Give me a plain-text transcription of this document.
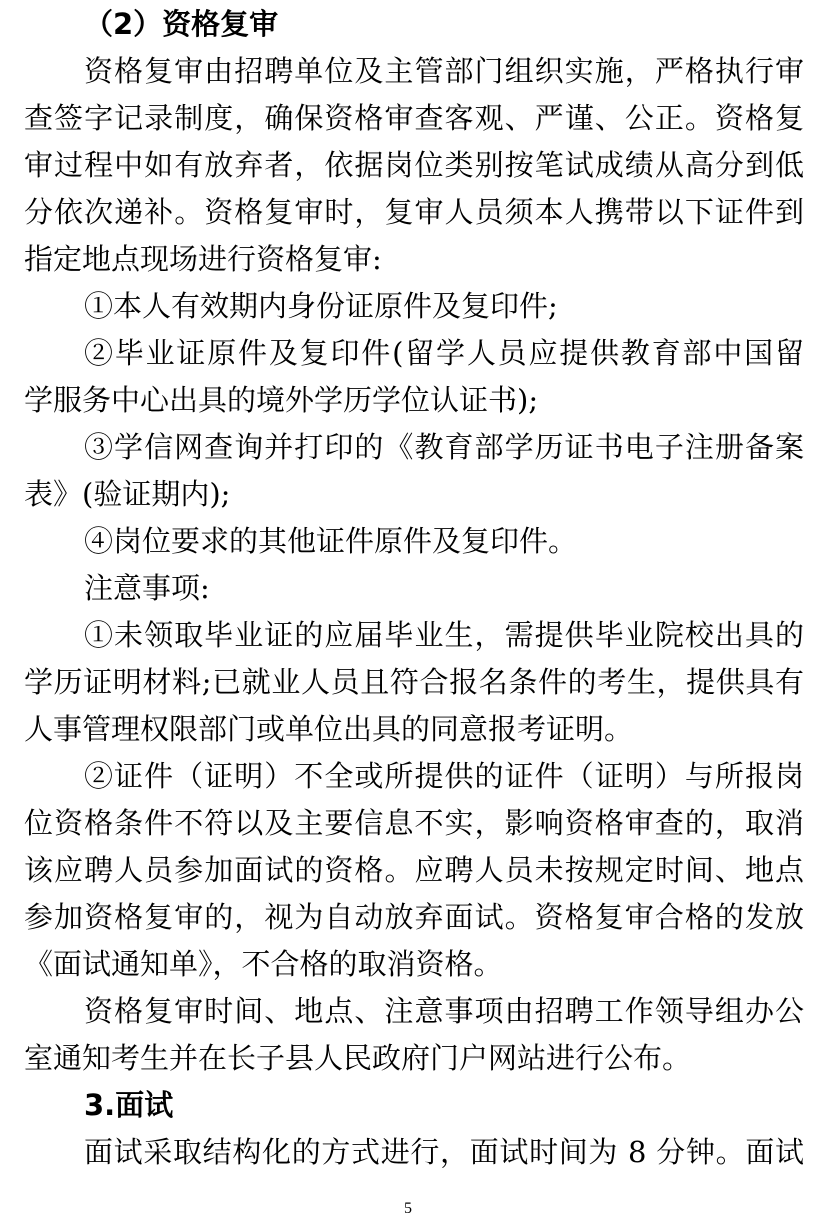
（2）资格复审
资格复审由招聘单位及主管部门组织实施，严格执行审
查签字记录制度，确保资格审查客观、严谨、公正。资格复
审过程中如有放弃者，依据岗位类别按笔试成绩从高分到低
分依次递补。资格复审时，复审人员须本人携带以下证件到
指定地点现场进行资格复审:
①本人有效期内身份证原件及复印件;
②毕业证原件及复印件(留学人员应提供教育部中国留
学服务中心出具的境外学历学位认证书);
③学信网查询并打印的《教育部学历证书电子注册备案
表》(验证期内);
④岗位要求的其他证件原件及复印件。
注意事项:
①未领取毕业证的应届毕业生，需提供毕业院校出具的
学历证明材料;已就业人员且符合报名条件的考生，提供具有
人事管理权限部门或单位出具的同意报考证明。
②证件（证明）不全或所提供的证件（证明）与所报岗
位资格条件不符以及主要信息不实，影响资格审查的，取消
该应聘人员参加面试的资格。应聘人员未按规定时间、地点
参加资格复审的，视为自动放弃面试。资格复审合格的发放
《面试通知单》，不合格的取消资格。
资格复审时间、地点、注意事项由招聘工作领导组办公
室通知考生并在长子县人民政府门户网站进行公布。
3.面试
面试采取结构化的方式进行，面试时间为 8 分钟。面试
5
